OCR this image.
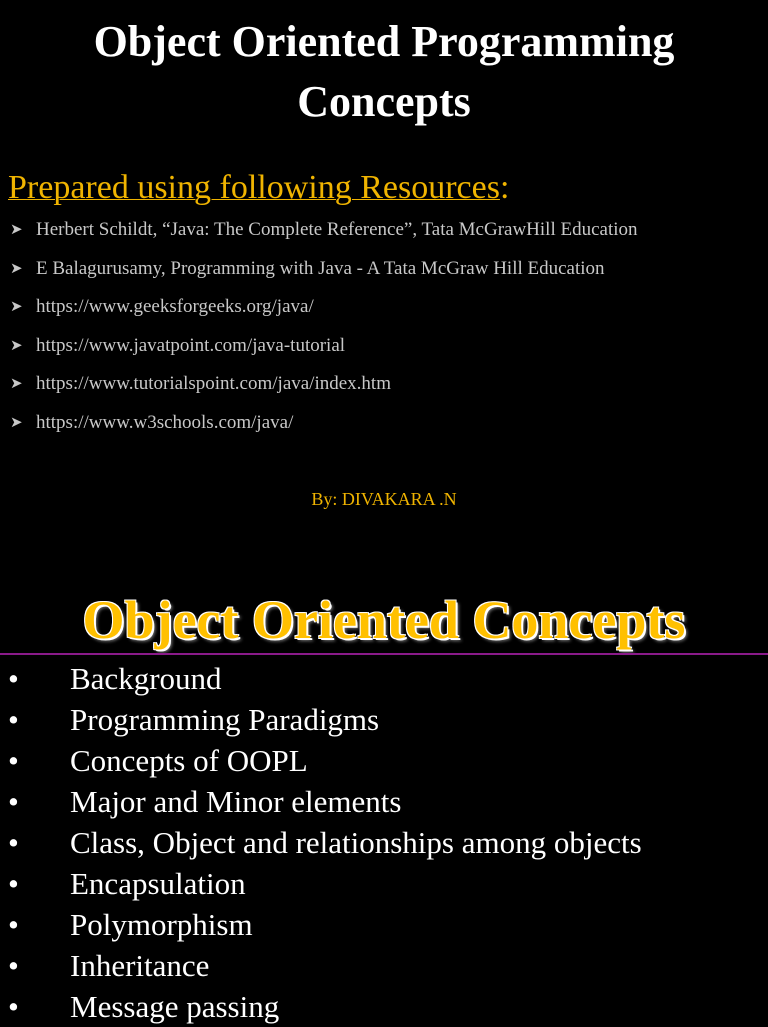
Object Oriented Programming
Concepts
Prepared using following Resources:
➤ Herbert Schildt, “Java: The Complete Reference”, Tata McGrawHill Education
➤ E Balagurusamy, Programming with Java - A Tata McGraw Hill Education
➤ https://www.geeksforgeeks.org/java/
➤ https://www.javatpoint.com/java-tutorial
➤ https://www.tutorialspoint.com/java/index.htm
➤ https://www.w3schools.com/java/
By: DIVAKARA .N
Object Oriented Concepts
• Background
• Programming Paradigms
• Concepts of OOPL
• Major and Minor elements
• Class, Object and relationships among objects
• Encapsulation
• Polymorphism
• Inheritance
• Message passing
